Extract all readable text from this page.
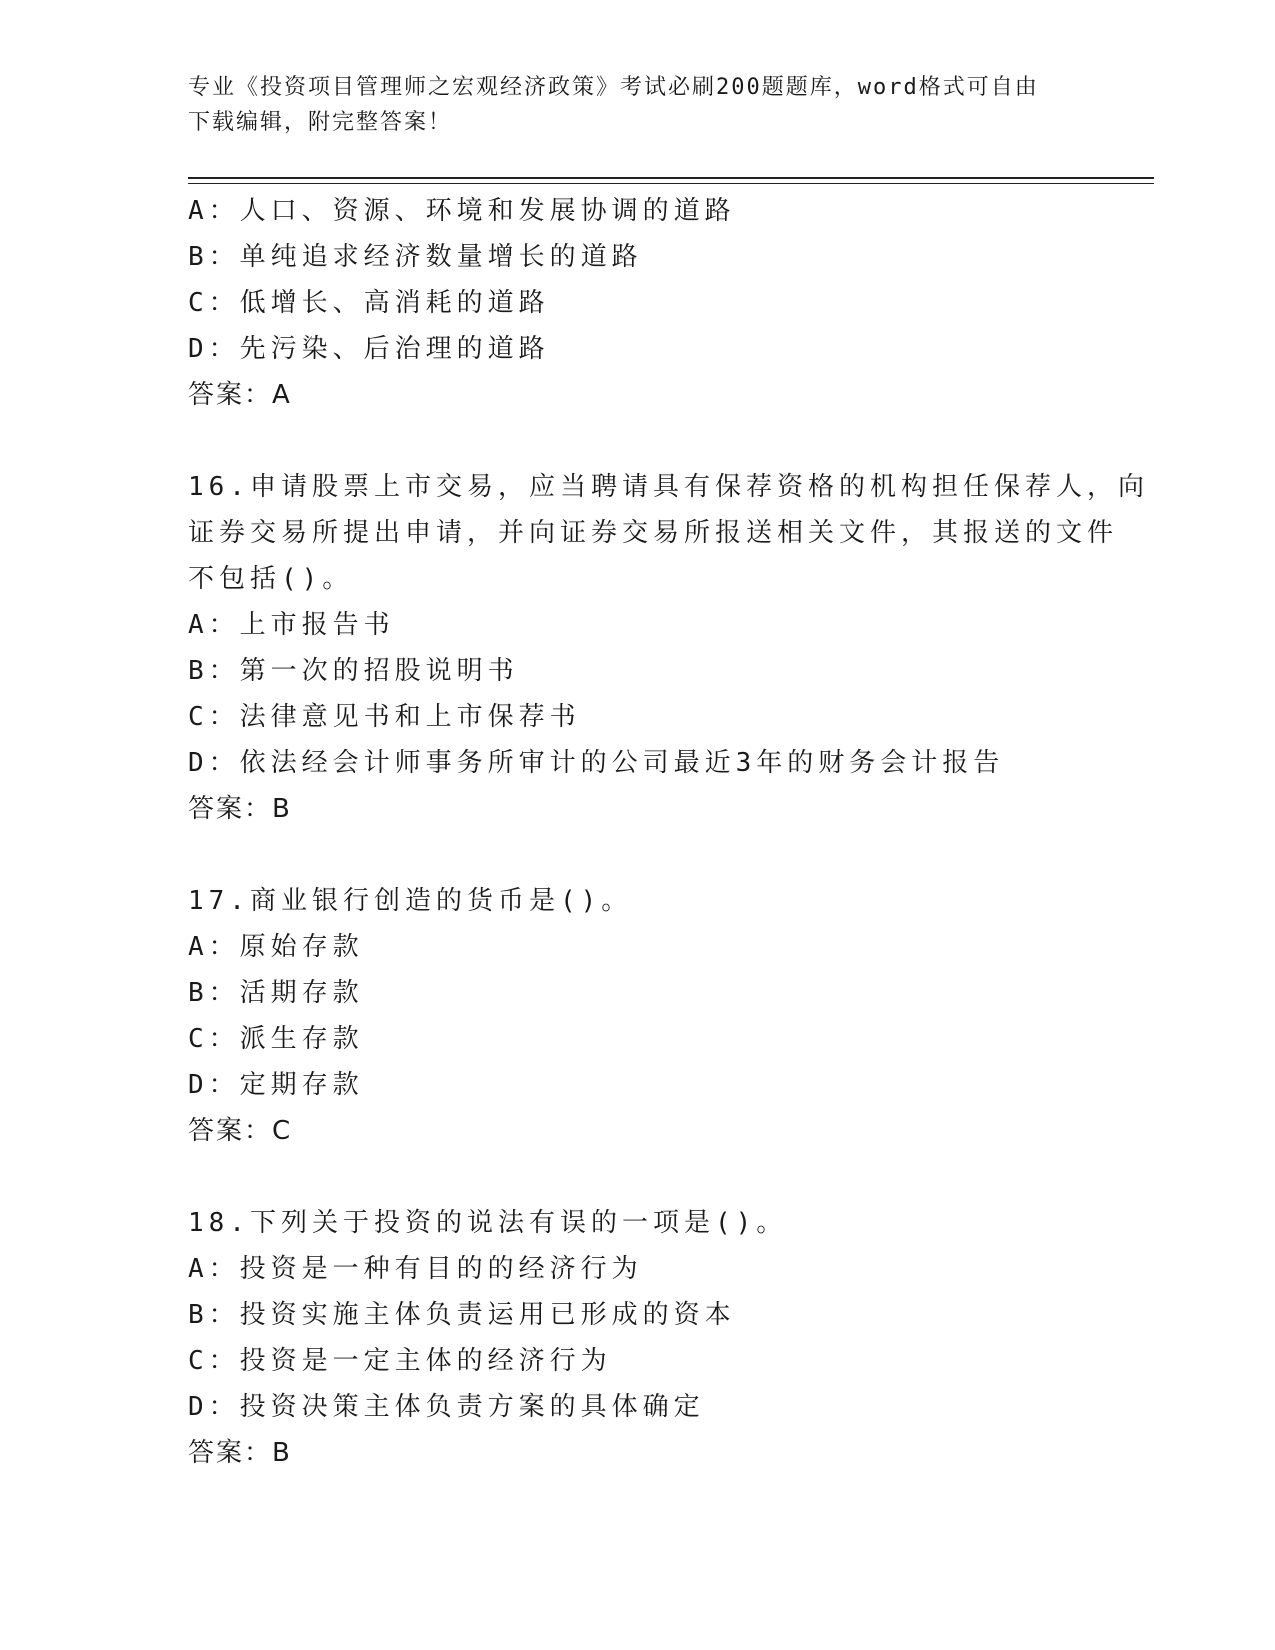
专业《投资项目管理师之宏观经济政策》考试必刷200题题库，word格式可自由
下载编辑，附完整答案！
A：人口、资源、环境和发展协调的道路
B：单纯追求经济数量增长的道路
C：低增长、高消耗的道路
D：先污染、后治理的道路
答案：A
16.申请股票上市交易，应当聘请具有保荐资格的机构担任保荐人，向
证券交易所提出申请，并向证券交易所报送相关文件，其报送的文件
不包括()。
A：上市报告书
B：第一次的招股说明书
C：法律意见书和上市保荐书
D：依法经会计师事务所审计的公司最近3年的财务会计报告
答案：B
17.商业银行创造的货币是()。
A：原始存款
B：活期存款
C：派生存款
D：定期存款
答案：C
18.下列关于投资的说法有误的一项是()。
A：投资是一种有目的的经济行为
B：投资实施主体负责运用已形成的资本
C：投资是一定主体的经济行为
D：投资决策主体负责方案的具体确定
答案：B
